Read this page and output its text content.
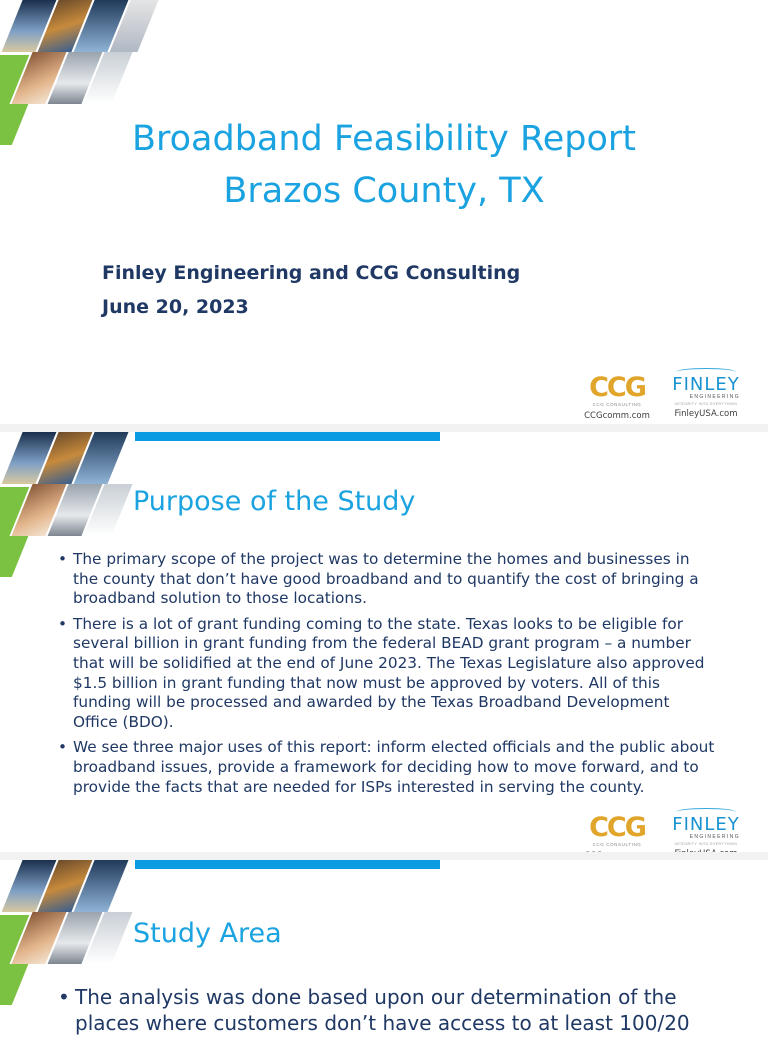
Broadband Feasibility Report
Brazos County, TX
Finley Engineering and CCG Consulting
June 20, 2023
CCG
CCG CONSULTING
CCGcomm.com
FINLEY
ENGINEERING
INTEGRITY INTO EVERYTHING
FinleyUSA.com
Purpose of the Study
• The primary scope of the project was to determine the homes and businesses in the county that don’t have good broadband and to quantify the cost of bringing a broadband solution to those locations.
• There is a lot of grant funding coming to the state. Texas looks to be eligible for several billion in grant funding from the federal BEAD grant program – a number that will be solidified at the end of June 2023. The Texas Legislature also approved $1.5 billion in grant funding that now must be approved by voters. All of this funding will be processed and awarded by the Texas Broadband Development Office (BDO).
• We see three major uses of this report: inform elected officials and the public about broadband issues, provide a framework for deciding how to move forward, and to provide the facts that are needed for ISPs interested in serving the county.
CCG
CCG CONSULTING
FINLEY
ENGINEERING
INTEGRITY INTO EVERYTHING
Study Area
• The analysis was done based upon our determination of the places where customers don’t have access to at least 100/20
